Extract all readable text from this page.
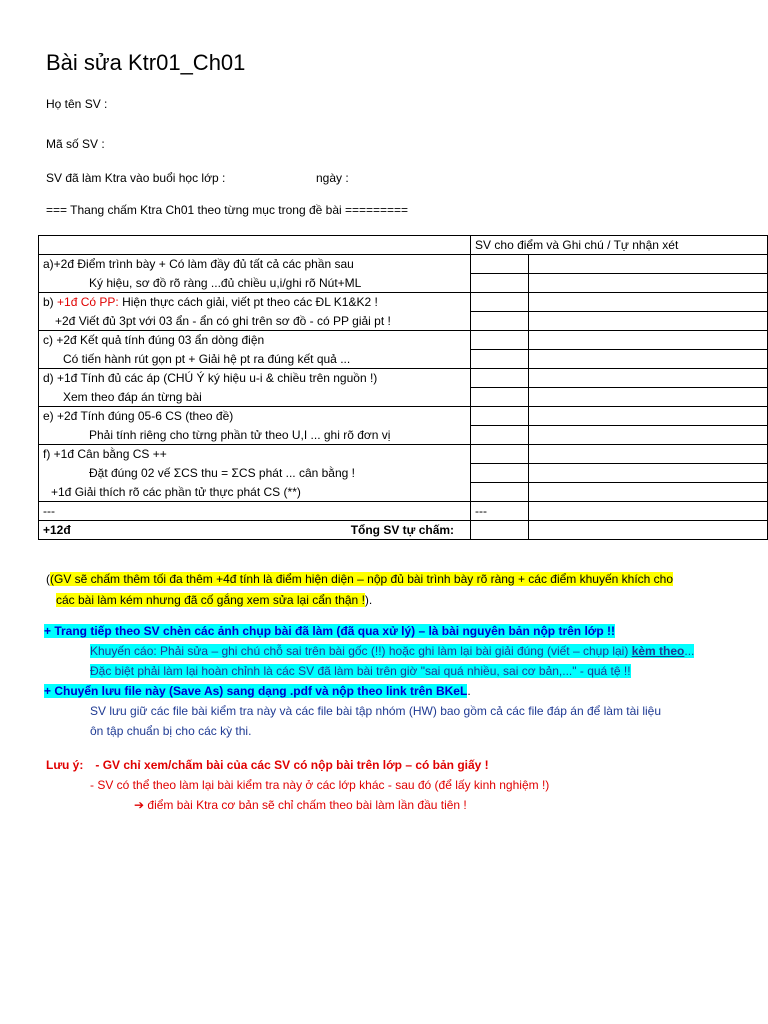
Bài sửa Ktr01_Ch01
Họ tên SV :
Mã số SV :
SV đã làm Ktra vào buổi học lớp :	ngày :
=== Thang chấm Ktra Ch01 theo từng mục trong đề bài =========
	SV cho điểm và Ghi chú / Tự nhận xét	
a)+2đ Điểm trình bày + Có làm đầy đủ tất cả các phần sau		
Ký hiệu, sơ đồ rõ ràng ...đủ chiều u,i/ghi rõ Nút+ML		
b) +1đ Có PP: Hiện thực cách giải, viết pt theo các ĐL K1&K2 !		
+2đ Viết đủ 3pt với 03 ẩn - ẩn có ghi trên sơ đồ - có PP giải pt !		
c) +2đ Kết quả tính đúng 03 ẩn dòng điện		
Có tiến hành rút gọn pt + Giải hệ pt ra đúng kết quả ...		
d) +1đ Tính đủ các áp (CHÚ Ý ký hiệu u-i & chiều trên nguồn !)		
Xem theo đáp án từng bài		
e) +2đ Tính đúng 05-6 CS (theo đề)		
Phải tính riêng cho từng phần tử theo U,I ... ghi rõ đơn vị		
f) +1đ Cân bằng CS ++		
Đặt đúng 02 vế ΣCS thu = ΣCS phát ... cân bằng !		
+1đ Giải thích rõ các phần tử thực phát CS (**)		
---	---	
+12đ Tổng SV tự chấm:		

((GV sẽ chấm thêm tối đa thêm +4đ tính là điểm hiện diện – nộp đủ bài trình bày rõ ràng + các điểm khuyến khích cho
các bài làm kém nhưng đã cố gắng xem sửa lại cẩn thận !).
+ Trang tiếp theo SV chèn các ảnh chụp bài đã làm (đã qua xử lý) – là bài nguyên bản nộp trên lớp !!
Khuyến cáo: Phải sửa – ghi chú chỗ sai trên bài gốc (!!) hoặc ghi làm lại bài giải đúng (viết – chụp lại) kèm theo...
Đặc biệt phải làm lại hoàn chỉnh là các SV đã làm bài trên giờ "sai quá nhiều, sai cơ bản,..." - quá tệ !!
+ Chuyển lưu file này (Save As) sang dạng .pdf và nộp theo link trên BKeL.
SV lưu giữ các file bài kiểm tra này và các file bài tập nhóm (HW) bao gồm cả các file đáp án để làm tài liệu
ôn tập chuẩn bị cho các kỳ thi.
Lưu ý: - GV chỉ xem/chấm bài của các SV có nộp bài trên lớp – có bản giấy !
- SV có thể theo làm lại bài kiểm tra này ở các lớp khác - sau đó (để lấy kinh nghiệm !)
➔ điểm bài Ktra cơ bản sẽ chỉ chấm theo bài làm lần đầu tiên !
